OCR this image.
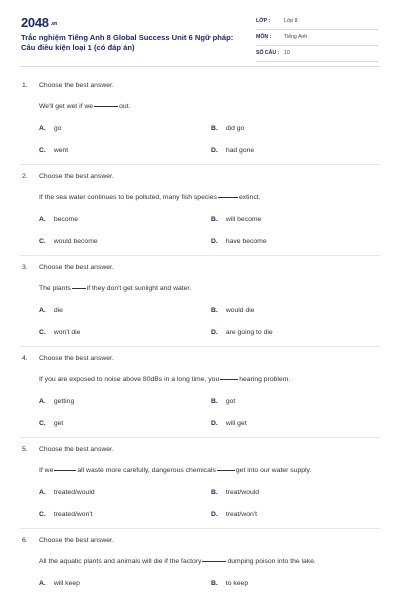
2048 .vn
Trắc nghiệm Tiếng Anh 8 Global Success Unit 6 Ngữ pháp:
Câu điều kiện loại 1 (có đáp án)
LỚP :	Lớp 8
MÔN : Tiếng Anh
SỐ CÂU : 10
1. Choose the best answer.
We'll get wet if we	out.
A. go	B. did go
C. went	D. had gone
2. Choose the best answer.
If the sea water continues to be polluted, many fish species	extinct.
A. become	B. will become
C. would become	D. have become
3. Choose the best answer.
The plants if they don't get sunlight and water.
A. die	B. would die
C. won't die	D. are going to die
4. Choose the best answer.
If you are exposed to noise above 80dBs in a long time, you	hearing problem.
A. getting	B. got
C. get	D. will get
5. Choose the best answer.
If we	all waste more carefully, dangerous chemicals	get into our water supply.
A. treated/would	B. treat/would
C. treated/won't	D. treat/won't
6. Choose the best answer.
All the aquatic plants and animals will die if the factory	dumping poison into the lake.
A. will keep	B. to keep
